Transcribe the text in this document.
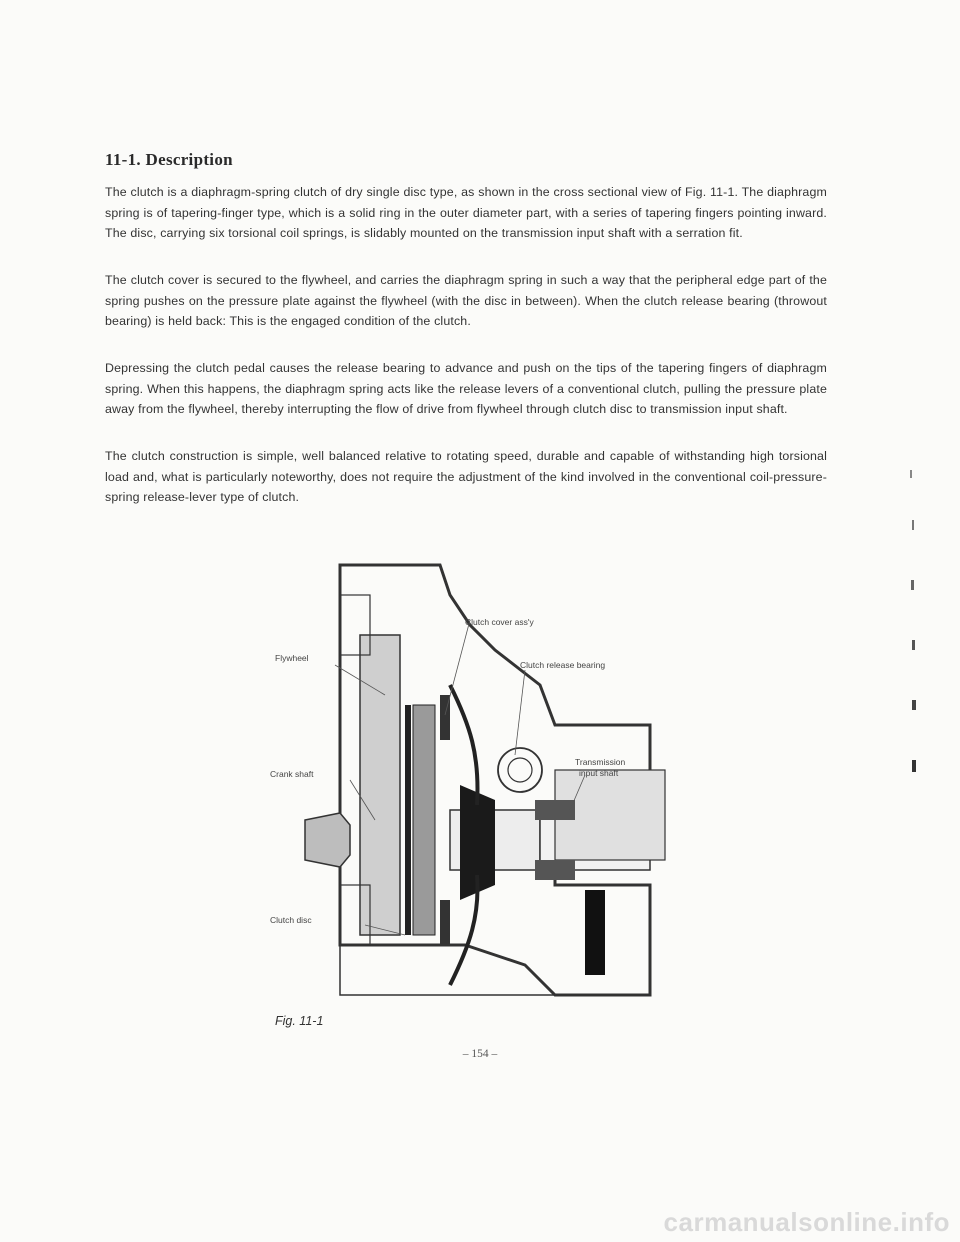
11-1. Description

The clutch is a diaphragm-spring clutch of dry single disc type, as shown in the cross sectional view of Fig. 11-1. The diaphragm spring is of tapering-finger type, which is a solid ring in the outer diameter part, with a series of tapering fingers pointing inward. The disc, carrying six torsional coil springs, is slidably mounted on the transmission input shaft with a serration fit.

The clutch cover is secured to the flywheel, and carries the diaphragm spring in such a way that the peripheral edge part of the spring pushes on the pressure plate against the flywheel (with the disc in between). When the clutch release bearing (throwout bearing) is held back: This is the engaged condition of the clutch.

Depressing the clutch pedal causes the release bearing to advance and push on the tips of the tapering fingers of diaphragm spring. When this happens, the diaphragm spring acts like the release levers of a conventional clutch, pulling the pressure plate away from the flywheel, thereby interrupting the flow of drive from flywheel through clutch disc to transmission input shaft.

The clutch construction is simple, well balanced relative to rotating speed, durable and capable of withstanding high torsional load and, what is particularly noteworthy, does not require the adjustment of the kind involved in the conventional coil-pressure-spring release-lever type of clutch.

Clutch cover ass'y

Flywheel

Clutch release bearing

Transmission

input shaft

Crank shaft

Clutch disc

Fig. 11-1

– 154 –

carmanualsonline.info
